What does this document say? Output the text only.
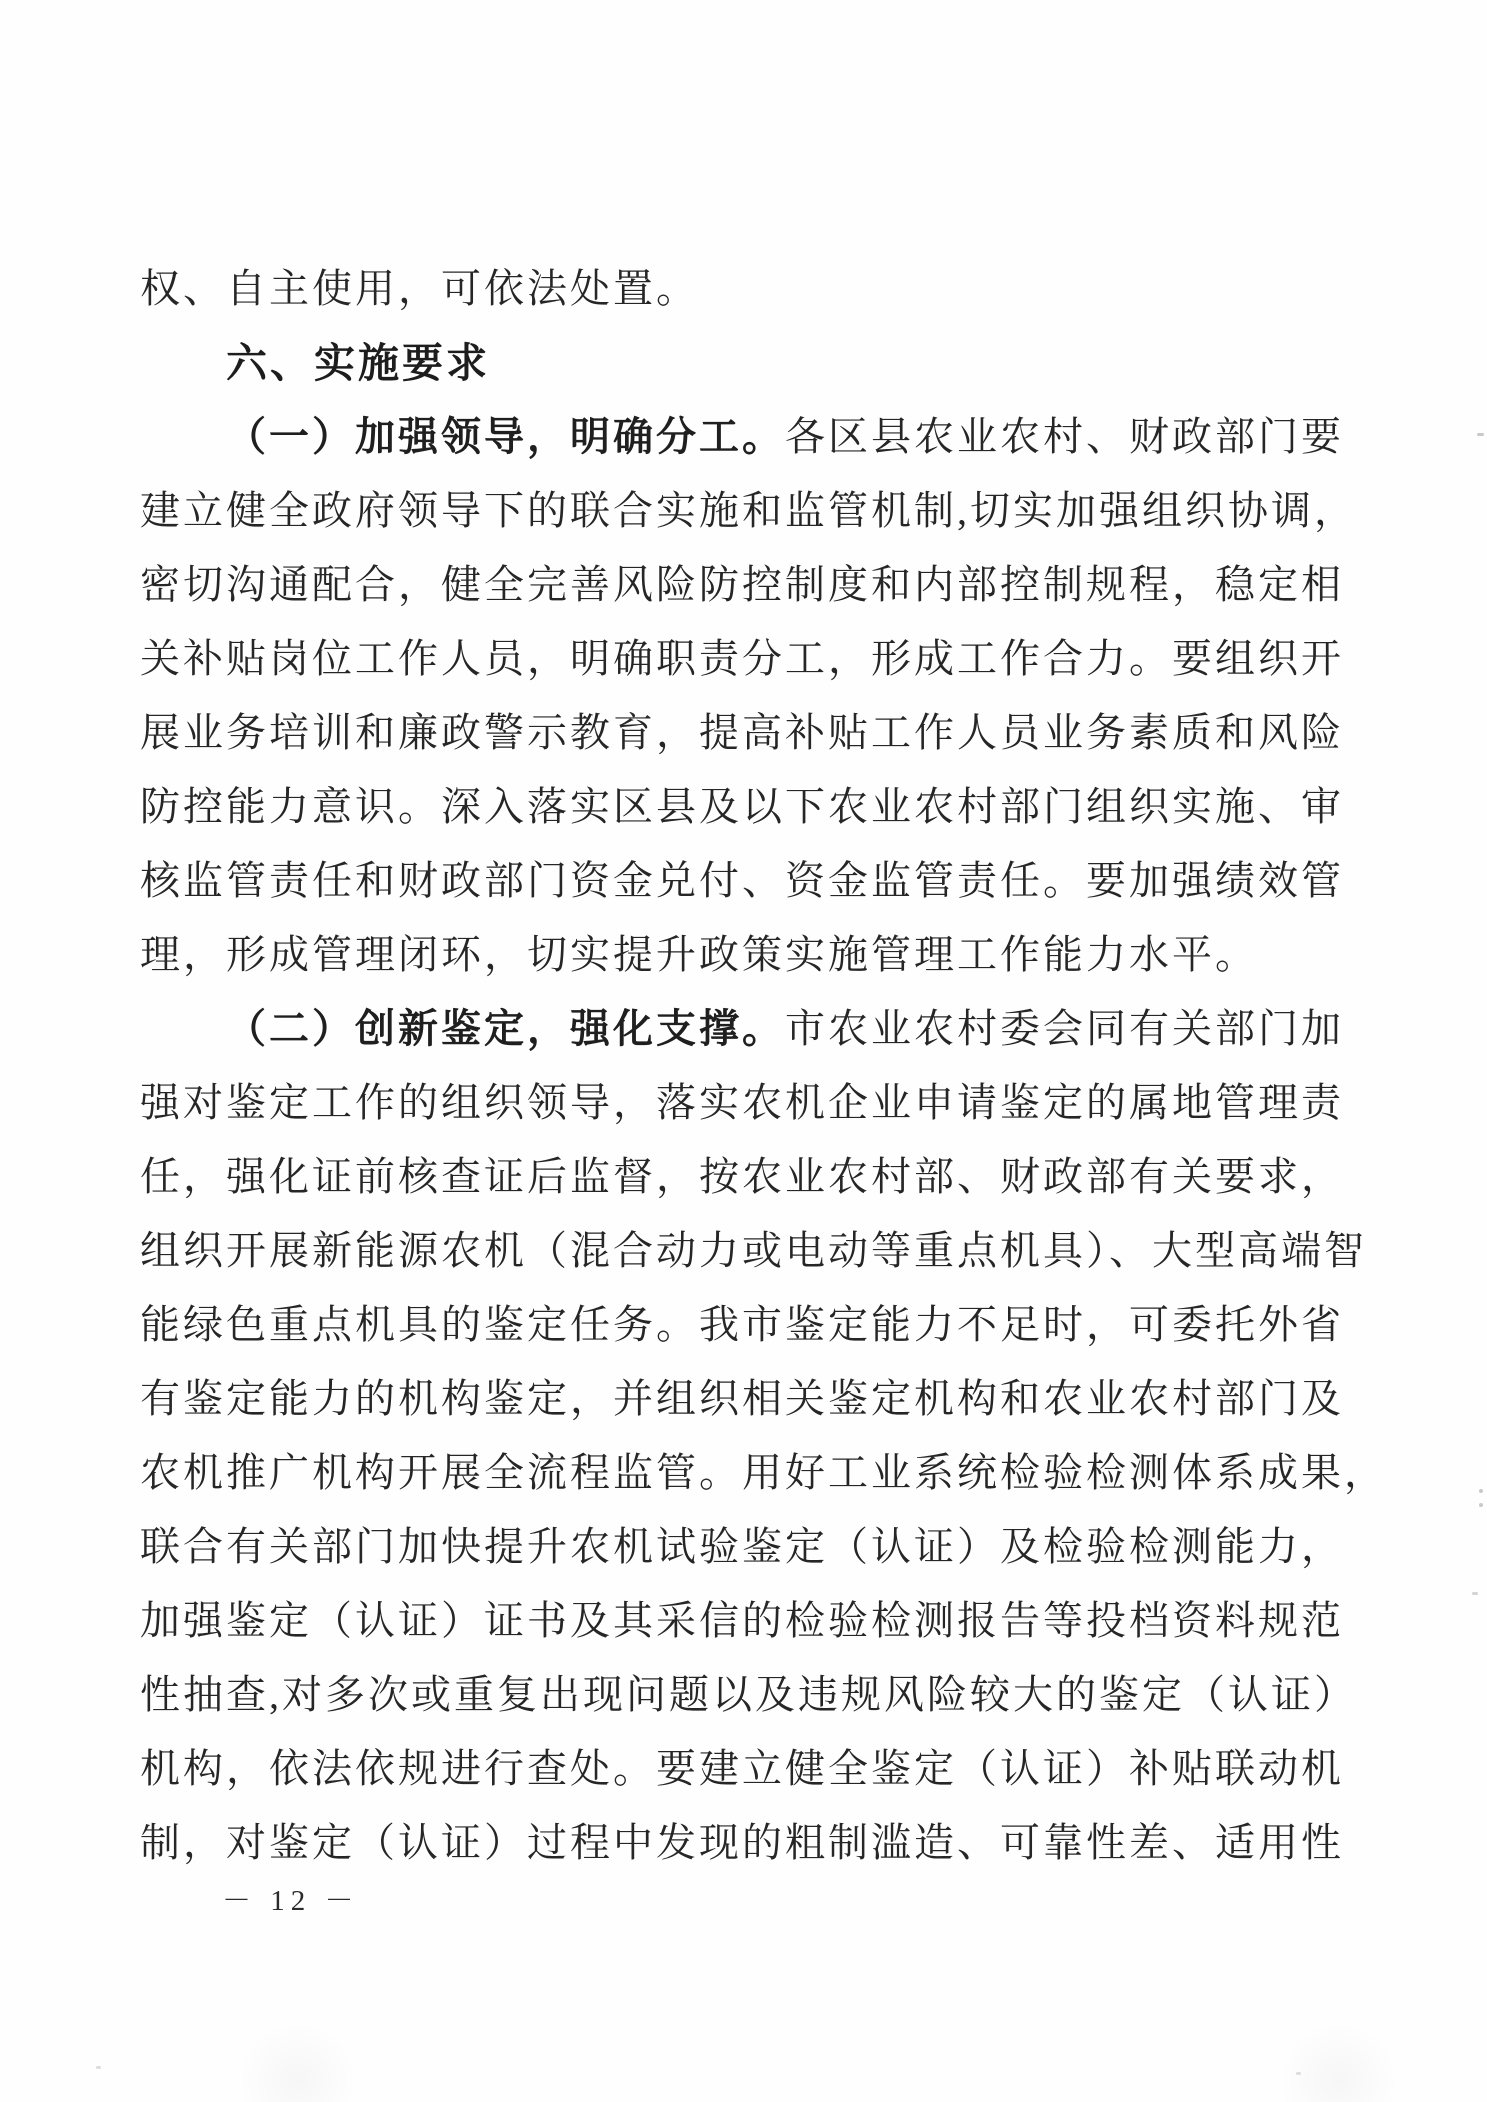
权、自主使用，可依法处置。
六、实施要求
（一）加强领导，明确分工。各区县农业农村、财政部门要
建立健全政府领导下的联合实施和监管机制,切实加强组织协调，
密切沟通配合，健全完善风险防控制度和内部控制规程，稳定相
关补贴岗位工作人员，明确职责分工，形成工作合力。要组织开
展业务培训和廉政警示教育，提高补贴工作人员业务素质和风险
防控能力意识。深入落实区县及以下农业农村部门组织实施、审
核监管责任和财政部门资金兑付、资金监管责任。要加强绩效管
理，形成管理闭环，切实提升政策实施管理工作能力水平。
（二）创新鉴定，强化支撑。市农业农村委会同有关部门加
强对鉴定工作的组织领导，落实农机企业申请鉴定的属地管理责
任，强化证前核查证后监督，按农业农村部、财政部有关要求，
组织开展新能源农机（混合动力或电动等重点机具）、大型高端智
能绿色重点机具的鉴定任务。我市鉴定能力不足时，可委托外省
有鉴定能力的机构鉴定，并组织相关鉴定机构和农业农村部门及
农机推广机构开展全流程监管。用好工业系统检验检测体系成果，
联合有关部门加快提升农机试验鉴定（认证）及检验检测能力，
加强鉴定（认证）证书及其采信的检验检测报告等投档资料规范
性抽查,对多次或重复出现问题以及违规风险较大的鉴定（认证）
机构，依法依规进行查处。要建立健全鉴定（认证）补贴联动机
制，对鉴定（认证）过程中发现的粗制滥造、可靠性差、适用性
－ 12 －
